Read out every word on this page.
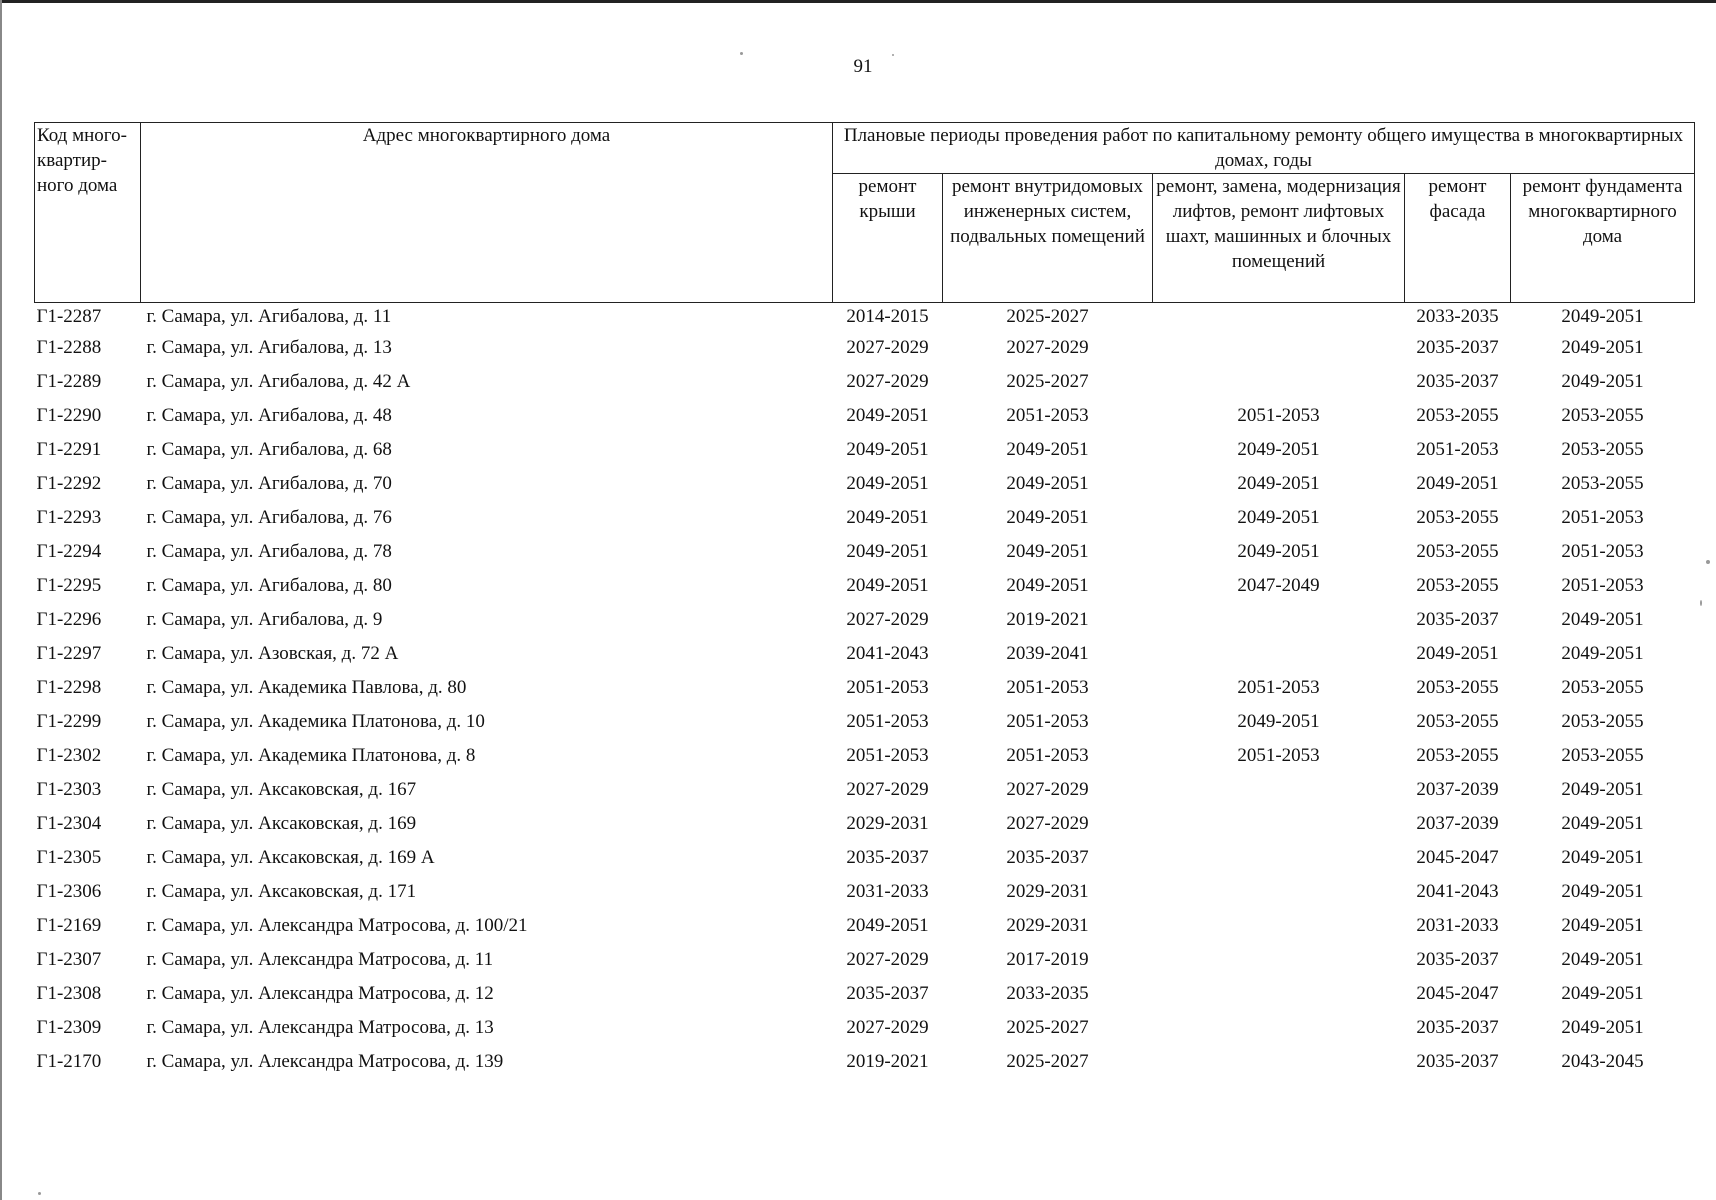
91
Код много-квартир-ного дома	Адрес многоквартирного дома	Плановые периоды проведения работ по капитальному ремонту общего имущества в многоквартирных домах, годы				
		ремонт крыши	ремонт внутридомовых инженерных систем, подвальных помещений	ремонт, замена, модернизация лифтов, ремонт лифтовых шахт, машинных и блочных помещений	ремонт фасада	ремонт фундамента многоквартирного дома
Г1-2287	г. Самара, ул. Агибалова, д. 11	2014-2015	2025-2027		2033-2035	2049-2051
Г1-2288	г. Самара, ул. Агибалова, д. 13	2027-2029	2027-2029		2035-2037	2049-2051
Г1-2289	г. Самара, ул. Агибалова, д. 42 А	2027-2029	2025-2027		2035-2037	2049-2051
Г1-2290	г. Самара, ул. Агибалова, д. 48	2049-2051	2051-2053	2051-2053	2053-2055	2053-2055
Г1-2291	г. Самара, ул. Агибалова, д. 68	2049-2051	2049-2051	2049-2051	2051-2053	2053-2055
Г1-2292	г. Самара, ул. Агибалова, д. 70	2049-2051	2049-2051	2049-2051	2049-2051	2053-2055
Г1-2293	г. Самара, ул. Агибалова, д. 76	2049-2051	2049-2051	2049-2051	2053-2055	2051-2053
Г1-2294	г. Самара, ул. Агибалова, д. 78	2049-2051	2049-2051	2049-2051	2053-2055	2051-2053
Г1-2295	г. Самара, ул. Агибалова, д. 80	2049-2051	2049-2051	2047-2049	2053-2055	2051-2053
Г1-2296	г. Самара, ул. Агибалова, д. 9	2027-2029	2019-2021		2035-2037	2049-2051
Г1-2297	г. Самара, ул. Азовская, д. 72 А	2041-2043	2039-2041		2049-2051	2049-2051
Г1-2298	г. Самара, ул. Академика Павлова, д. 80	2051-2053	2051-2053	2051-2053	2053-2055	2053-2055
Г1-2299	г. Самара, ул. Академика Платонова, д. 10	2051-2053	2051-2053	2049-2051	2053-2055	2053-2055
Г1-2302	г. Самара, ул. Академика Платонова, д. 8	2051-2053	2051-2053	2051-2053	2053-2055	2053-2055
Г1-2303	г. Самара, ул. Аксаковская, д. 167	2027-2029	2027-2029		2037-2039	2049-2051
Г1-2304	г. Самара, ул. Аксаковская, д. 169	2029-2031	2027-2029		2037-2039	2049-2051
Г1-2305	г. Самара, ул. Аксаковская, д. 169 А	2035-2037	2035-2037		2045-2047	2049-2051
Г1-2306	г. Самара, ул. Аксаковская, д. 171	2031-2033	2029-2031		2041-2043	2049-2051
Г1-2169	г. Самара, ул. Александра Матросова, д. 100/21	2049-2051	2029-2031		2031-2033	2049-2051
Г1-2307	г. Самара, ул. Александра Матросова, д. 11	2027-2029	2017-2019		2035-2037	2049-2051
Г1-2308	г. Самара, ул. Александра Матросова, д. 12	2035-2037	2033-2035		2045-2047	2049-2051
Г1-2309	г. Самара, ул. Александра Матросова, д. 13	2027-2029	2025-2027		2035-2037	2049-2051
Г1-2170	г. Самара, ул. Александра Матросова, д. 139	2019-2021	2025-2027		2035-2037	2043-2045
